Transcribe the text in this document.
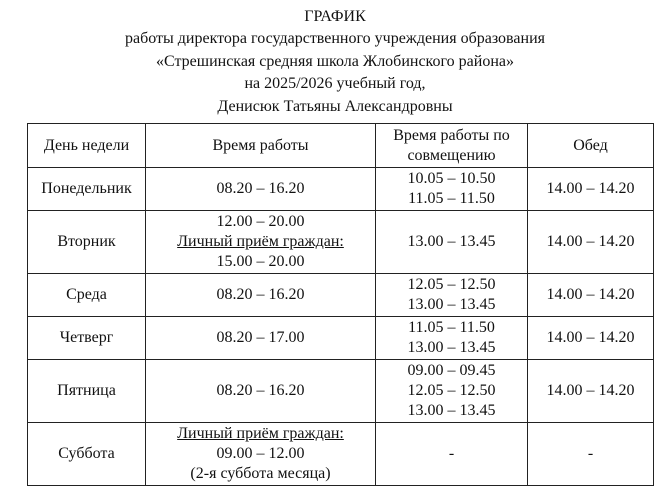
ГРАФИК
работы директора государственного учреждения образования
«Стрешинская средняя школа Жлобинского района»
на 2025/2026 учебный год,
Денисюк Татьяны Александровны
День недели	Время работы	Время работы по
совмещению	Обед
Понедельник	08.20 – 16.20	10.05 – 10.50
11.05 – 11.50	14.00 – 14.20
Вторник	12.00 – 20.00
Личный приём граждан:
15.00 – 20.00	13.00 – 13.45	14.00 – 14.20
Среда	08.20 – 16.20	12.05 – 12.50
13.00 – 13.45	14.00 – 14.20
Четверг	08.20 – 17.00	11.05 – 11.50
13.00 – 13.45	14.00 – 14.20
Пятница	08.20 – 16.20	09.00 – 09.45
12.05 – 12.50
13.00 – 13.45	14.00 – 14.20
Суббота	Личный приём граждан:
09.00 – 12.00
(2-я суббота месяца)	-	-
